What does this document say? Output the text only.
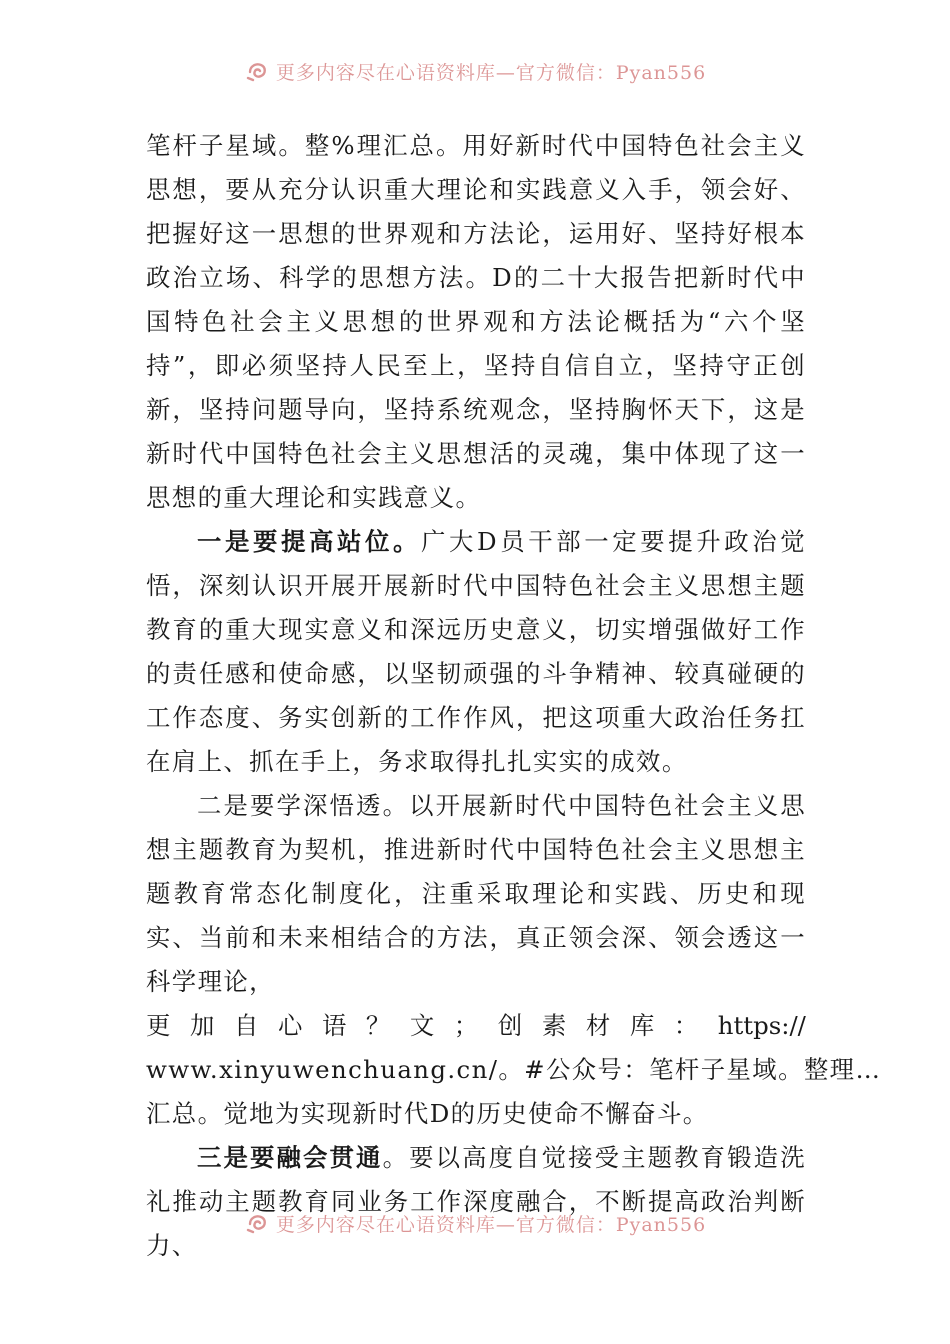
更多内容尽在心语资料库—官方微信：Pyan556

笔杆子星域。整%理汇总。用好新时代中国特色社会主义思想，要从充分认识重大理论和实践意义入手，领会好、把握好这一思想的世界观和方法论，运用好、坚持好根本政治立场、科学的思想方法。D的二十大报告把新时代中国特色社会主义思想的世界观和方法论概括为“六个坚持”，即必须坚持人民至上，坚持自信自立，坚持守正创新，坚持问题导向，坚持系统观念，坚持胸怀天下，这是新时代中国特色社会主义思想活的灵魂，集中体现了这一思想的重大理论和实践意义。

一是要提高站位。广大D员干部一定要提升政治觉悟，深刻认识开展开展新时代中国特色社会主义思想主题教育的重大现实意义和深远历史意义，切实增强做好工作的责任感和使命感，以坚韧顽强的斗争精神、较真碰硬的工作态度、务实创新的工作作风，把这项重大政治任务扛在肩上、抓在手上，务求取得扎扎实实的成效。

二是要学深悟透。以开展新时代中国特色社会主义思想主题教育为契机，推进新时代中国特色社会主义思想主题教育常态化制度化，注重采取理论和实践、历史和现实、当前和未来相结合的方法，真正领会深、领会透这一科学理论，

更 加 自 心 语 ？ 文 ； 创 素 材 库 ： https://

www.xinyuwenchuang.cn/。#公众号：笔杆子星域。整理…

汇总。觉地为实现新时代D的历史使命不懈奋斗。

三是要融会贯通。要以高度自觉接受主题教育锻造洗礼推动主题教育同业务工作深度融合，不断提高政治判断力、

更多内容尽在心语资料库—官方微信：Pyan556
